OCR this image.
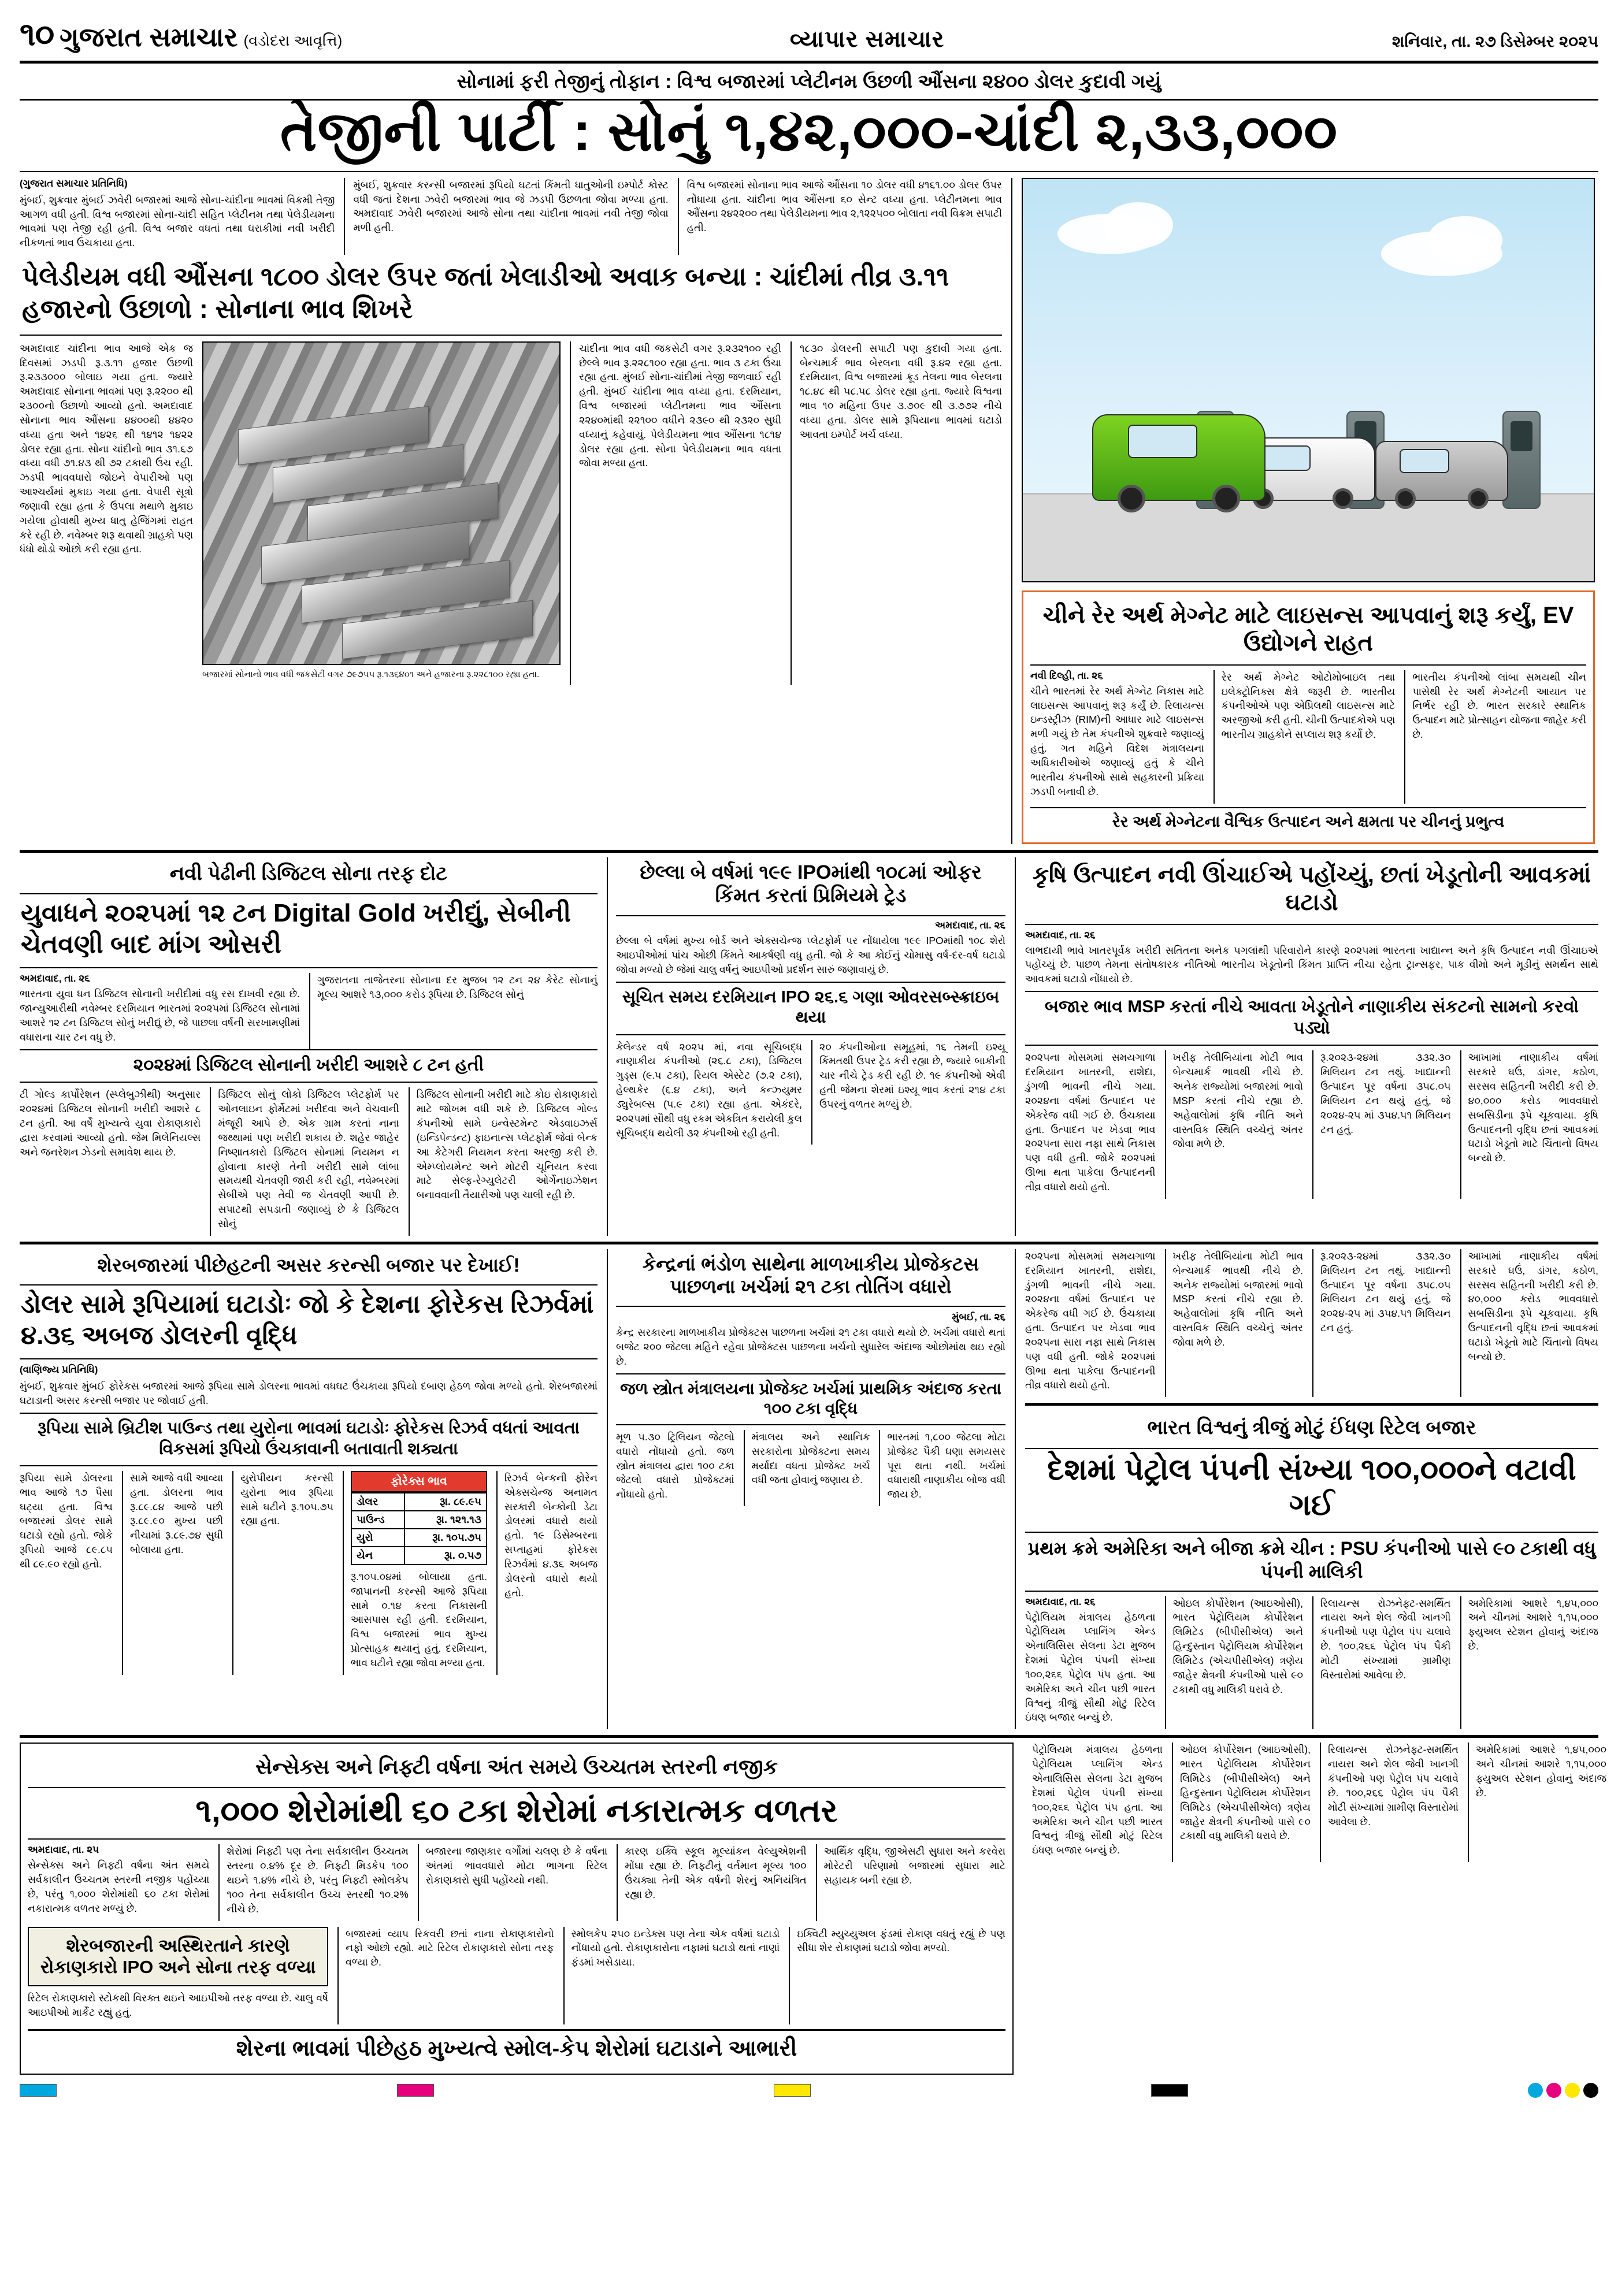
૧૦ ગુજરાત સમાચાર (વડોદરા આવૃત્તિ)	વ્યાપાર સમાચાર	શનિવાર, તા. ૨૭ ડિસેમ્બર ૨૦૨૫
સોનામાં ફરી તેજીનું તોફાન : વિશ્વ બજારમાં પ્લેટીનમ ઉછળી ઔંસના ૨૪૦૦ ડોલર કુદાવી ગયું
તેજીની પાર્ટી : સોનું ૧,૪૨,૦૦૦-ચાંદી ૨,૩૩,૦૦૦
(ગુજરાત સમાચાર પ્રતિનિધિ)

મુંબઈ, શુક્રવાર મુંબઈ ઝવેરી બજારમાં આજે સોના-ચાંદીના ભાવમાં વિક્રમી તેજી આગળ વધી હતી. વિશ્વ બજારમાં સોના-ચાંદી સહિત પ્લેટીનમ તથા પેલેડીયમના ભાવમાં પણ તેજી રહી હતી. વિશ્વ બજાર વધતાં તથા ઘરાકીમાં નવી ખરીદી નીકળતાં ભાવ ઉંચકાયા હતા.

મુંબઈ, શુક્રવાર કરન્સી બજારમાં રૂપિયો ઘટતાં કિંમતી ધાતુઓની ઇમ્પોર્ટ કોસ્ટ વધી જતાં દેશના ઝવેરી બજારમાં ભાવ જે ઝડપી ઉછળતા જોવા મળ્યા હતા. અમદાવાદ ઝવેરી બજારમાં આજે સોના તથા ચાંદીના ભાવમાં નવી તેજી જોવા મળી હતી.

વિશ્વ બજારમાં સોનાના ભાવ આજે ઔંસના ૧૦ ડોલર વધી ૪૧૬૧.૦૦ ડોલર ઉપર નોંધાયા હતા. ચાંદીના ભાવ ઔંસના ૬૦ સેન્ટ વધ્યા હતા. પ્લેટીનમના ભાવ ઔંસના ૨૪૨૨૦૦ તથા પેલેડીયમના ભાવ ૨,૧૨૨૫૦૦ બોલાતા નવી વિક્રમ સપાટી હતી.

પેલેડીયમ વધી ઔંસના ૧૮૦૦ ડોલર ઉપર જતાં ખેલાડીઓ અવાક બન્યા : ચાંદીમાં તીવ્ર ૩.૧૧ હજારનો ઉછાળો : સોનાના ભાવ શિખરે

અમદાવાદ ચાંદીના ભાવ આજે એક જ દિવસમાં ઝડપી રૂ.૩.૧૧ હજાર ઉછળી રૂ.૨૩૩૦૦૦ બોલાઇ ગયા હતા. જ્યારે અમદાવાદ સોનાના ભાવમાં પણ રૂ.૨૨૦૦ થી ૨૩૦૦નો ઉછાળો આવ્યો હતો. અમદાવાદ સોનાના ભાવ ઔંસના ૪૪૦૦થી ૪૪૨૦ વધ્યા હતા અને ૧૪૨૬ થી ૧૪૧૨ ૧૪૨૨ ડોલર રહ્યા હતા. સોના ચાંદીનો ભાવ ૩૧.૬૭ વધ્યા વધી ૭૧.૪૩ થી ૭૨ ટકાથી ઉંચ રહી. ઝડપી ભાવવધારો જોઇને વેપારીઓ પણ આશ્ચર્યમાં મુકાઇ ગયા હતા. વેપારી સૂત્રો જણાવી રહ્યા હતા કે ઉપલા મથાળે મુકાઇ ગયેલા હોવાથી મુખ્ય ધાતુ હેજિંગમાં રાહત કરે રહી છે. નવેમ્બર શરૂ થવાથી ગ્રાહકો પણ ધંધો થોડો ઓછો કરી રહ્યા હતા.

બજારમાં સોનાનો ભાવ વધી જકસેટી વગર ૭૯૭૫૫ રૂ.૧૩૬૪૦૧ અને હજારના રૂ.૨૨૮૧૦૦ રહ્યા હતા.

ચાંદીના ભાવ વધી જકસેટી વગર રૂ.૨૩૨૧૦૦ રહી છેલ્લે ભાવ રૂ.૨૨૮૧૦૦ રહ્યા હતા. ભાવ ૩ ટકા ઉંચા રહ્યા હતા. મુંબઈ સોના-ચાંદીમાં તેજી જળવાઈ રહી હતી. મુંબઈ ચાંદીના ભાવ વધ્યા હતા. દરમિયાન, વિશ્વ બજારમાં પ્લેટીનમના ભાવ ઔંસના ૨૨૪૦માંથી ૨૨૧૦૦ વધીને ૨૩૯૦ થી ૨૩૨૦ સુધી વધ્યાનું કહેવાયું. પેલેડીયમના ભાવ ઔંસના ૧૮૧૪ ડોલર રહ્યા હતા. સોના પેલેડીયમના ભાવ વધતા જોવા મળ્યા હતા.

૧૮૩૦ ડોલરની સપાટી પણ કુદાવી ગયા હતા. બેન્ચમાર્ક ભાવ બેરલના વધી રૂ.૪૨ રહ્યા હતા. દરમિયાન, વિશ્વ બજારમાં ક્રૂડ તેલના ભાવ બેરલના ૧૮.૪૮ થી ૫૮.૫૮ ડોલર રહ્યા હતા. જ્યારે વિશ્વના ભાવ ૧૦ મહિના ઉપર ૩.૭૦૯ થી ૩.૭૭૨ નીચે વધ્યા હતા. ડોલર સામે રૂપિયાના ભાવમાં ઘટાડો આવતા ઇમ્પોર્ટ ખર્ચ વધ્યા.

ચીને રેર અર્થ મેગ્નેટ માટે લાઇસન્સ આપવાનું શરૂ કર્યું, EV ઉદ્યોગને રાહત
નવી દિલ્હી, તા. ૨૬

ચીને ભારતમાં રેર અર્થ મેગ્નેટ નિકાસ માટે લાઇસન્સ આપવાનું શરૂ કર્યું છે. રિલાયન્સ ઇન્ડસ્ટ્રીઝ (RIM)ની આધાર માટે લાઇસન્સ મળી ગયું છે તેમ કંપનીએ શુક્રવારે જણાવ્યું હતું. ગત મહિને વિદેશ મંત્રાલયના અધિકારીઓએ જણાવ્યું હતું કે ચીને ભારતીય કંપનીઓ સાથે સહકારની પ્રક્રિયા ઝડપી બનાવી છે.

રેર અર્થ મેગ્નેટ ઓટોમોબાઇલ તથા ઇલેક્ટ્રોનિક્સ ક્ષેત્રે જરૂરી છે. ભારતીય કંપનીઓએ પણ એપ્રિલથી લાઇસન્સ માટે અરજીઓ કરી હતી. ચીની ઉત્પાદકોએ પણ ભારતીય ગ્રાહકોને સપ્લાય શરૂ કર્યો છે.

ભારતીય કંપનીઓ લાંબા સમયથી ચીન પાસેથી રેર અર્થ મેગ્નેટની આયાત પર નિર્ભર રહી છે. ભારત સરકારે સ્થાનિક ઉત્પાદન માટે પ્રોત્સાહન યોજના જાહેર કરી છે.

રેર અર્થ મેગ્નેટના વૈશ્વિક ઉત્પાદન અને ક્ષમતા પર ચીનનું પ્રભુત્વ
નવી પેઢીની ડિજિટલ સોના તરફ દોટ
યુવાધને ૨૦૨૫માં ૧૨ ટન Digital Gold ખરીદ્યું, સેબીની ચેતવણી બાદ માંગ ઓસરી
અમદાવાદ, તા. ૨૬

ભારતના યુવા ધન ડિજિટલ સોનાની ખરીદીમાં વધુ રસ દાખવી રહ્યા છે. જાન્યુઆરીથી નવેમ્બર દરમિયાન ભારતમાં ૨૦૨૫માં ડિજિટલ સોનામાં આશરે ૧૨ ટન ડિજિટલ સોનું ખરીદ્યું છે, જે પાછલા વર્ષની સરખામણીમાં વધારાના ચાર ટન વધુ છે.

ગુજરાતના તાજેતરના સોનાના દર મુજબ ૧૨ ટન ૨૪ કેરેટ સોનાનું મૂલ્ય આશરે ૧૩,૦૦૦ કરોડ રૂપિયા છે. ડિજિટલ સોનું

૨૦૨૪માં ડિજિટલ સોનાની ખરીદી આશરે ૮ ટન હતી

ટી ગોલ્ડ કાર્પોરેશન (સ્પ્લેબુઝીથી) અનુસાર ૨૦૨૪માં ડિજિટલ સોનાની ખરીદી આશરે ૮ ટન હતી. આ વર્ષે મુખ્યત્વે યુવા રોકાણકારો દ્વારા કરવામાં આવ્યો હતો. જેમ મિલેનિયલ્સ અને જનરેશન ઝેડનો સમાવેશ થાય છે.

ડિજિટલ સોનું લોકો ડિજિટલ પ્લેટફોર્મ પર ઓનલાઇન ફોર્મેટમાં ખરીદવા અને વેચવાની મંજૂરી આપે છે. એક ગ્રામ કરતાં નાના જથ્થામાં પણ ખરીદી શકાય છે. શહેર જાહેર નિષ્ણાતકારો ડિજિટલ સોનામાં નિયમન ન હોવાના કારણે તેની ખરીદી સામે લાંબા સમયથી ચેતવણી જારી કરી રહી, નવેમ્બરમાં સેબીએ પણ તેવી જ ચેતવણી આપી છે. સપાટથી સપડાતી જણાવ્યું છે કે ડિજિટલ સોનું

ડિજિટલ સોનાની ખરીદી માટે કોઇ રોકાણકારો માટે જોખમ વધી શકે છે. ડિજિટલ ગોલ્ડ કંપનીઓ સામે ઇન્વેસ્ટમેન્ટ એડવાઇઝર્સ (ઇન્ડિપેન્ડન્ટ) ફાઇનાન્સ પ્લેટફોર્મ જેવાં બેન્ક આ કેટેગરી નિયમન કરતા અરજી કરી છે. એમ્પ્લોયમેન્ટ અને મોટરી ચૂનિયત કરવા માટે સેલ્ફ-રેગ્યુલેટરી ઓર્ગેનાઇઝેશન બનાવવાની તૈયારીઓ પણ ચાલી રહી છે.

છેલ્લા બે વર્ષમાં ૧૯૯ IPOમાંથી ૧૦૮માં ઓફર કિંમત કરતાં પ્રિમિયમે ટ્રેડ
અમદાવાદ, તા. ૨૬

છેલ્લા બે વર્ષમાં મુખ્ય બોર્ડ અને એક્સચેન્જ પ્લેટફોર્મ પર નોંધાયેલા ૧૯૯ IPOમાંથી ૧૦૮ શેરો આઇપીઓમાં પાંચ ઓછી કિંમતે આકર્ષણી વધુ હતી. જો કે આ કોઈનું ચોમાસુ વર્ષ-દર-વર્ષ ઘટાડો જોવા મળ્યો છે જેમાં ચાલુ વર્ષનું આઇપીઓ પ્રદર્શન સારું જણાવાયું છે.

સૂચિત સમય દરમિયાન IPO ૨૬.૬ ગણા ઓવરસબ્સ્ક્રાઇબ થયા

કેલેન્ડર વર્ષ ૨૦૨૫ માં, નવા સૂચિબદ્ધ નાણાકીય કંપનીઓ (૨૬.૮ ટકા), ડિજિટલ ગુડ્સ (૯.૫ ટકા), રિયલ એસ્ટેટ (૭.૨ ટકા), હેલ્થકેર (૬.૪ ટકા), અને કન્ઝ્યુમર ડ્યુરેબલ્સ (૫.૯ ટકા) રહ્યા હતા. એકંદરે, ૨૦૨૫માં સૌથી વધુ રકમ એકત્રિત કરાયેલી કુલ સૂચિબદ્ધ થયેલી ૩૨ કંપનીઓ રહી હતી.

૨૦ કંપનીઓના સમૂહમાં, ૧૬ તેમની ઇશ્યૂ કિંમતથી ઉપર ટ્રેડ કરી રહ્યા છે, જ્યારે બાકીની ચાર નીચે ટ્રેડ કરી રહી છે. ૧૯ કંપનીઓ એવી હતી જેમના શેરમાં ઇશ્યૂ ભાવ કરતાં ૨૧૪ ટકા ઉપરનું વળતર મળ્યું છે.

કૃષિ ઉત્પાદન નવી ઊંચાઈએ પહોંચ્યું, છતાં ખેડૂતોની આવકમાં ઘટાડો
અમદાવાદ, તા. ૨૬

લાભદાયી ભાવે ખાતરપૂર્વક ખરીદી સતિતના અનેક પગલાંથી પરિવારોને કારણે ૨૦૨૫માં ભારતના ખાદ્યાન્ન અને કૃષિ ઉત્પાદન નવી ઊંચાઇએ પહોંચ્યું છે. પાછળ તેમના સંતોષકારક નીતિઓ ભારતીય ખેડૂતોની કિંમત પ્રાપ્તિ નીચા રહેતા ટ્રાન્સફર, પાક વીમો અને મૂડીનું સમર્થન સાથે આવકમાં ઘટાડો નોંધાયો છે.

બજાર ભાવ MSP કરતાં નીચે આવતા ખેડૂતોને નાણાકીય સંકટનો સામનો કરવો પડ્યો

૨૦૨૫ના મોસમમાં સમયગાળા દરમિયાન ખાતરની, રાશેદા, ડુંગળી ભાવની નીચે ગયા. ૨૦૨૪ના વર્ષમાં ઉત્પાદન પર એકરેજ વધી ગઈ છે. ઉંચકાયા હતા. ઉત્પાદન પર ખેડવા ભાવ ૨૦૨૫ના સારા નફા સાથે નિકાસ પણ વધી હતી. જોકે ૨૦૨૫માં ઊભા થતા પાકેલા ઉત્પાદનની તીવ્ર વધારો થયો હતો.

ખરીફ તેલીબિયાંના મોટી ભાવ બેન્ચમાર્ક ભાવથી નીચે છે. અનેક રાજ્યોમાં બજારમાં ભાવો MSP કરતાં નીચે રહ્યા છે. અહેવાલોમાં કૃષિ નીતિ અને વાસ્તવિક સ્થિતિ વચ્ચેનું અંતર જોવા મળે છે.

રૂ.૨૦૨૩-૨૪માં ૩૩૨.૩૦ મિલિયન ટન તથું. ખાદ્યાન્ની ઉત્પાદન પૂર વર્ષના ૩૫૮.૦૫ મિલિયન ટન થયું હતું, જે ૨૦૨૪-૨૫ માં ૩૫૪.૫૧ મિલિયન ટન હતું.

આખામાં નાણાકીય વર્ષમાં સરકારે ઘઉં, ડાંગર, કઠોળ, સરસવ સહિતની ખરીદી કરી છે. ૪૦,૦૦૦ કરોડ ભાવવધારો સબસિડીના રૂપે ચૂકવાયા. કૃષિ ઉત્પાદનની વૃદ્ધિ છતાં આવકમાં ઘટાડો ખેડૂતો માટે ચિંતાનો વિષય બન્યો છે.

શેરબજારમાં પીછેહટની અસર કરન્સી બજાર પર દેખાઈ!
ડોલર સામે રૂપિયામાં ઘટાડોઃ જો કે દેશના ફોરેકસ રિઝર્વમાં ૪.૩૬ અબજ ડોલરની વૃદ્ધિ
(વાણિજ્ય પ્રતિનિધિ)

મુંબઈ, શુક્રવાર મુંબઈ ફોરેકસ બજારમાં આજે રૂપિયા સામે ડોલરના ભાવમાં વધઘટ ઉંચકાયા રૂપિયો દબાણ હેઠળ જોવા મળ્યો હતો. શેરબજારમાં ઘટાડાની અસર કરન્સી બજાર પર જોવાઈ હતી.

રૂપિયા સામે બ્રિટીશ પાઉન્ડ તથા યુરોના ભાવમાં ઘટાડોઃ ફોરેકસ રિઝર્વ વધતાં આવતા વિકસમાં રૂપિયો ઉંચકાવાની બતાવાતી શક્યતા

રૂપિયા સામે ડોલરના ભાવ આજે ૧૭ પૈસા ઘટ્યા હતા. વિશ્વ બજારમાં ડોલર સામે ઘટાડો રહ્યો હતો. જોકે રૂપિયો આજે ૮૯.૮૫ થી ૮૯.૯૦ રહ્યો હતો.

સામે આજે વધી આવ્યા હતા. ડોલરના ભાવ રૂ.૮૯.૮૪ આજે પછી રૂ.૮૯.૯૦ મુખ્ય પછી નીચામાં રૂ.૮૯.૭૪ સુધી બોલાયા હતા.

યુરોપીયન કરન્સી યુરોના ભાવ રૂપિયા સામે ઘટીને રૂ.૧૦૫.૭૫ રહ્યા હતા.

ફોરેક્સ ભાવ
ડોલર	રૂા. ૮૯.૯૫
પાઉન્ડ	રૂા. ૧૨૧.૧૩
યુરો	રૂા. ૧૦૫.૭૫
યેન	રૂા. ૦.૫૭

રૂ.૧૦૫.૦૪માં બોલાયા હતા. જાપાનની કરન્સી આજે રૂપિયા સામે ૦.૧૪ કરતા નિકાસની આસપાસ રહી હતી. દરમિયાન, વિશ્વ બજારમાં ભાવ મુખ્ય પ્રોત્સાહક થયાનું હતું. દરમિયાન, ભાવ ઘટીને રહ્યા જોવા મળ્યા હતા.

રિઝર્વ બેન્કની ફોરેન એક્સચેન્જ અનામત સરકારી બેન્કોની ડેટા ડોલરમાં વધારો થયો હતો. ૧૯ ડિસેમ્બરના સપ્તાહમાં ફોરેકસ રિઝર્વમાં ૪.૩૬ અબજ ડોલરનો વધારો થયો હતો.

કેન્દ્રનાં ભંડોળ સાથેના માળખાકીય પ્રોજેકટસ પાછળના ખર્ચમાં ૨૧ ટકા તોતિંગ વધારો
મુંબઈ, તા. ૨૬

કેન્દ્ર સરકારના માળખાકીય પ્રોજેક્ટસ પાછળના ખર્ચમાં ૨૧ ટકા વધારો થયો છે. ખર્ચમાં વધારો થતાં બજેટ ૨૦૦ જેટલા મહિને રહેવા પ્રોજેક્ટસ પાછળના ખર્ચનો સુધારેલ અંદાજ ઓછોમાંથ થઇ રહ્યો છે.

જળ સ્ત્રોત મંત્રાલયના પ્રોજેક્ટ ખર્ચમાં પ્રાથમિક અંદાજ કરતા ૧૦૦ ટકા વૃદ્ધિ

મૂળ ૫.૩૦ ટ્રિલિયન જેટલો વધારો નોંધાયો હતો. જળ સ્ત્રોત મંત્રાલય દ્વારા ૧૦૦ ટકા જેટલો વધારો પ્રોજેક્ટમાં નોંધાયો હતો.

મંત્રાલય અને સ્થાનિક સરકારોના પ્રોજેક્ટના સમય મર્યાદા વધતા પ્રોજેક્ટ ખર્ચ વધી જતા હોવાનું જણાય છે.

ભારતમાં ૧,૮૦૦ જેટલા મોટા પ્રોજેક્ટ પૈકી ઘણા સમયસર પૂરા થતા નથી. ખર્ચમાં વધારાથી નાણાકીય બોજ વધી જાય છે.

૨૦૨૫ના મોસમમાં સમયગાળા દરમિયાન ખાતરની, રાશેદા, ડુંગળી ભાવની નીચે ગયા. ૨૦૨૪ના વર્ષમાં ઉત્પાદન પર એકરેજ વધી ગઈ છે. ઉંચકાયા હતા. ઉત્પાદન પર ખેડવા ભાવ ૨૦૨૫ના સારા નફા સાથે નિકાસ પણ વધી હતી. જોકે ૨૦૨૫માં ઊભા થતા પાકેલા ઉત્પાદનની તીવ્ર વધારો થયો હતો.

ખરીફ તેલીબિયાંના મોટી ભાવ બેન્ચમાર્ક ભાવથી નીચે છે. અનેક રાજ્યોમાં બજારમાં ભાવો MSP કરતાં નીચે રહ્યા છે. અહેવાલોમાં કૃષિ નીતિ અને વાસ્તવિક સ્થિતિ વચ્ચેનું અંતર જોવા મળે છે.

રૂ.૨૦૨૩-૨૪માં ૩૩૨.૩૦ મિલિયન ટન તથું. ખાદ્યાન્ની ઉત્પાદન પૂર વર્ષના ૩૫૮.૦૫ મિલિયન ટન થયું હતું, જે ૨૦૨૪-૨૫ માં ૩૫૪.૫૧ મિલિયન ટન હતું.

આખામાં નાણાકીય વર્ષમાં સરકારે ઘઉં, ડાંગર, કઠોળ, સરસવ સહિતની ખરીદી કરી છે. ૪૦,૦૦૦ કરોડ ભાવવધારો સબસિડીના રૂપે ચૂકવાયા. કૃષિ ઉત્પાદનની વૃદ્ધિ છતાં આવકમાં ઘટાડો ખેડૂતો માટે ચિંતાનો વિષય બન્યો છે.

ભારત વિશ્વનું ત્રીજું મોટું ઈંધણ રિટેલ બજાર
દેશમાં પેટ્રોલ પંપની સંખ્યા ૧૦૦,૦૦૦ને વટાવી ગઈ
પ્રથમ ક્રમે અમેરિકા અને બીજા ક્રમે ચીન : PSU કંપનીઓ પાસે ૯૦ ટકાથી વધુ પંપની માલિકી
અમદાવાદ, તા. ૨૬

પેટ્રોલિયમ મંત્રાલય હેઠળના પેટ્રોલિયમ પ્લાનિંગ એન્ડ એનાલિસિસ સેલના ડેટા મુજબ દેશમાં પેટ્રોલ પંપની સંખ્યા ૧૦૦,૨૬૬ પેટ્રોલ પંપ હતા. આ અમેરિકા અને ચીન પછી ભારત વિશ્વનું ત્રીજું સૌથી મોટું રિટેલ ઇંધણ બજાર બન્યું છે.

ઓઇલ કોર્પોરેશન (આઇઓસી), ભારત પેટ્રોલિયમ કોર્પોરેશન લિમિટેડ (બીપીસીએલ) અને હિન્દુસ્તાન પેટ્રોલિયમ કોર્પોરેશન લિમિટેડ (એચપીસીએલ) ત્રણેય જાહેર ક્ષેત્રની કંપનીઓ પાસે ૯૦ ટકાથી વધુ માલિકી ધરાવે છે.

રિલાયન્સ રોઝનેફ્ટ-સમર્થિત નાયરા અને શેલ જેવી ખાનગી કંપનીઓ પણ પેટ્રોલ પંપ ચલાવે છે. ૧૦૦,૨૬૬ પેટ્રોલ પંપ પૈકી મોટી સંખ્યામાં ગ્રામીણ વિસ્તારોમાં આવેલા છે.

અમેરિકામાં આશરે ૧,૪૫,૦૦૦ અને ચીનમાં આશરે ૧,૧૫,૦૦૦ ફ્યુઅલ સ્ટેશન હોવાનું અંદાજ છે.

સેન્સેક્સ અને નિફ્ટી વર્ષના અંત સમયે ઉચ્ચતમ સ્તરની નજીક
૧,૦૦૦ શેરોમાંથી ૬૦ ટકા શેરોમાં નકારાત્મક વળતર
અમદાવાદ, તા. ૨૫

સેન્સેક્સ અને નિફ્ટી વર્ષના અંત સમયે સર્વકાલીન ઉચ્ચતમ સ્તરની નજીક પહોંચ્યા છે, પરંતુ ૧,૦૦૦ શેરોમાંથી ૬૦ ટકા શેરોમાં નકારાત્મક વળતર મળ્યું છે.

શેરોમાં નિફ્ટી પણ તેના સર્વકાલીન ઉચ્ચતમ સ્તરના ૦.૪% દૂર છે. નિફ્ટી મિડકેપ ૧૦૦ થઇને ૧.૪% નીચે છે, પરંતુ નિફ્ટી સ્મોલકેપ ૧૦૦ તેના સર્વકાલીન ઉચ્ચ સ્તરથી ૧૦.૨% નીચે છે.

બજારના જાણકાર વર્ગોમાં ચલણ છે કે વર્ષના અંતમાં ભાવવધારો મોટા ભાગના રિટેલ રોકાણકારો સુધી પહોંચ્યો નથી.

કારણ ઇક્વિ સ્કૂલ મૂલ્યાંકન વેલ્યુએશની મોંઘા રહ્યા છે. નિફ્ટીનું વર્તમાન મૂલ્ય ૧૦૦ ઉંચક્યા તેની એક વર્ષની શેરનું અનિયંત્રિત રહ્યા છે.

આર્થિક વૃદ્ધિ, જીએસટી સુધારા અને કરવેરા મોરેટરી પરિણામો બજારમાં સુધારા માટે સહાયક બની રહ્યા છે.

શેરબજારની અસ્થિરતાને કારણે રોકાણકારો IPO અને સોના તરફ વળ્યા

રિટેલ રોકાણકારો સ્ટોકથી વિરક્ત થઇને આઇપીઓ તરફ વળ્યા છે. ચાલુ વર્ષે આઇપીઓ માર્કેટ રહ્યું હતું.

બજારમાં વ્યાપ રિકવરી છતાં નાના રોકાણકારોનો નફો ઓછો રહ્યો. માટે રિટેલ રોકાણકારો સોના તરફ વળ્યા છે.

સ્મોલકેપ ૨૫૦ ઇન્ડેક્સ પણ તેના એક વર્ષમાં ઘટાડો નોંધાયો હતો. રોકાણકારોના નફામાં ઘટાડો થતાં નાણાં ફંડમાં ખસેડાયા.

ઇક્વિટી મ્યુચ્યુઅલ ફંડમાં રોકાણ વધતું રહ્યું છે પણ સીધા શેર રોકાણમાં ઘટાડો જોવા મળ્યો.

શેરના ભાવમાં પીછેહઠ મુખ્યત્વે સ્મોલ-કેપ શેરોમાં ઘટાડાને આભારી

પેટ્રોલિયમ મંત્રાલય હેઠળના પેટ્રોલિયમ પ્લાનિંગ એન્ડ એનાલિસિસ સેલના ડેટા મુજબ દેશમાં પેટ્રોલ પંપની સંખ્યા ૧૦૦,૨૬૬ પેટ્રોલ પંપ હતા. આ અમેરિકા અને ચીન પછી ભારત વિશ્વનું ત્રીજું સૌથી મોટું રિટેલ ઇંધણ બજાર બન્યું છે.

ઓઇલ કોર્પોરેશન (આઇઓસી), ભારત પેટ્રોલિયમ કોર્પોરેશન લિમિટેડ (બીપીસીએલ) અને હિન્દુસ્તાન પેટ્રોલિયમ કોર્પોરેશન લિમિટેડ (એચપીસીએલ) ત્રણેય જાહેર ક્ષેત્રની કંપનીઓ પાસે ૯૦ ટકાથી વધુ માલિકી ધરાવે છે.

રિલાયન્સ રોઝનેફ્ટ-સમર્થિત નાયરા અને શેલ જેવી ખાનગી કંપનીઓ પણ પેટ્રોલ પંપ ચલાવે છે. ૧૦૦,૨૬૬ પેટ્રોલ પંપ પૈકી મોટી સંખ્યામાં ગ્રામીણ વિસ્તારોમાં આવેલા છે.

અમેરિકામાં આશરે ૧,૪૫,૦૦૦ અને ચીનમાં આશરે ૧,૧૫,૦૦૦ ફ્યુઅલ સ્ટેશન હોવાનું અંદાજ છે.
